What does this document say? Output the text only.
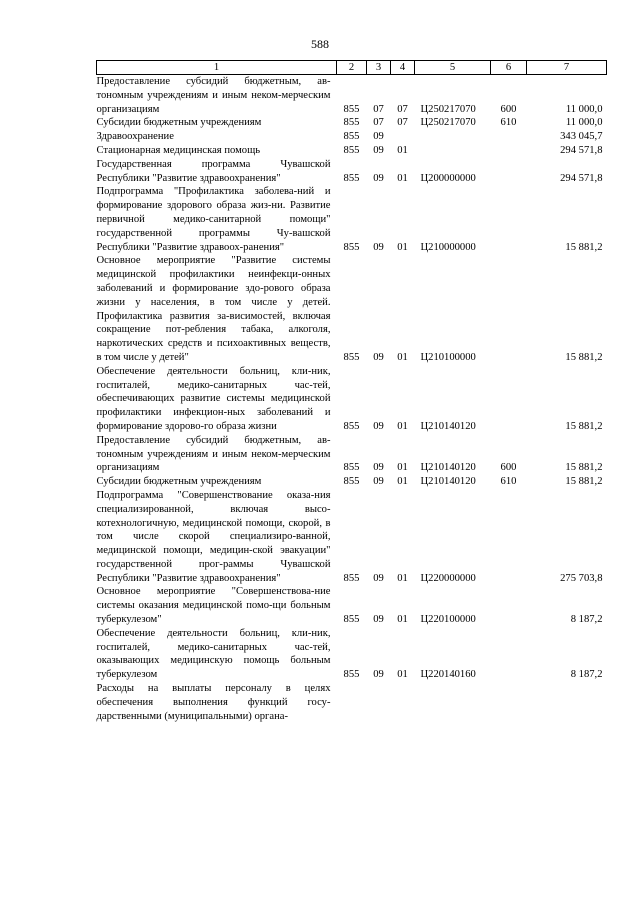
588
1	2	3	4	5	6	7
Предоставление субсидий бюджетным, ав-тономным учреждениям и иным неком-мерческим организациям	855	07	07	Ц250217070	600	11 000,0
Субсидии бюджетным учреждениям	855	07	07	Ц250217070	610	11 000,0
Здравоохранение	855	09				343 045,7
Стационарная медицинская помощь	855	09	01			294 571,8
Государственная программа Чувашской Республики "Развитие здравоохранения"	855	09	01	Ц200000000		294 571,8
Подпрограмма "Профилактика заболева-ний и формирование здорового образа жиз-ни. Развитие первичной медико-санитарной помощи" государственной программы Чу-вашской Республики "Развитие здравоох-ранения"	855	09	01	Ц210000000		15 881,2
Основное мероприятие "Развитие системы медицинской профилактики неинфекци-онных заболеваний и формирование здо-рового образа жизни у населения, в том числе у детей. Профилактика развития за-висимостей, включая сокращение пот-ребления табака, алкоголя, наркотических средств и психоактивных веществ, в том числе у детей"	855	09	01	Ц210100000		15 881,2
Обеспечение деятельности больниц, кли-ник, госпиталей, медико-санитарных час-тей, обеспечивающих развитие системы медицинской профилактики инфекцион-ных заболеваний и формирование здорово-го образа жизни	855	09	01	Ц210140120		15 881,2
Предоставление субсидий бюджетным, ав-тономным учреждениям и иным неком-мерческим организациям	855	09	01	Ц210140120	600	15 881,2
Субсидии бюджетным учреждениям	855	09	01	Ц210140120	610	15 881,2
Подпрограмма "Совершенствование оказа-ния специализированной, включая высо-котехнологичную, медицинской помощи, скорой, в том числе скорой специализиро-ванной, медицинской помощи, медицин-ской эвакуации" государственной прог-раммы Чувашской Республики "Развитие здравоохранения"	855	09	01	Ц220000000		275 703,8
Основное мероприятие "Совершенствова-ние системы оказания медицинской помо-щи больным туберкулезом"	855	09	01	Ц220100000		8 187,2
Обеспечение деятельности больниц, кли-ник, госпиталей, медико-санитарных час-тей, оказывающих медицинскую помощь больным туберкулезом	855	09	01	Ц220140160		8 187,2
Расходы на выплаты персоналу в целях обеспечения выполнения функций госу-дарственными (муниципальными) органа-						
